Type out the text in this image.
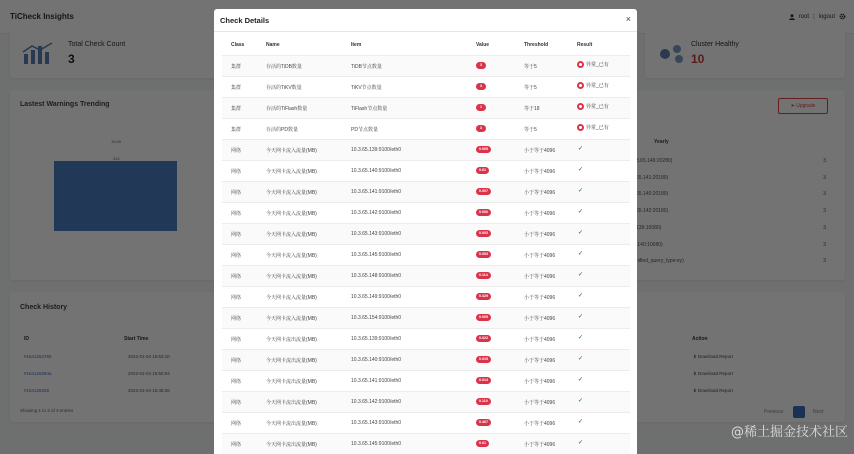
Check Details	×
Class	Name	Item	Value	Threshold	Result
集群	存活的TiDB数量	TiDB节点数量	3	等于5	异常_已有
集群	存活的TiKV数量	TiKV节点数量	3	等于5	异常_已有
集群	存活的TiFlash数量	TiFlash节点数量	1	等于18	异常_已有
集群	存活的PD数量	PD节点数量	3	等于5	异常_已有
网络	今天网卡流入流量(MB)	10.3.65.139:9100/eth0	0.005	小于等于4096	✓
网络	今天网卡流入流量(MB)	10.3.65.140:9100/eth0	0.01	小于等于4096	✓
网络	今天网卡流入流量(MB)	10.3.65.141:9100/eth0	0.007	小于等于4096	✓
网络	今天网卡流入流量(MB)	10.3.65.142:9100/eth0	0.006	小于等于4096	✓
网络	今天网卡流入流量(MB)	10.3.65.143:9100/eth0	0.003	小于等于4096	✓
网络	今天网卡流入流量(MB)	10.3.65.145:9100/eth0	0.003	小于等于4096	✓
网络	今天网卡流入流量(MB)	10.3.65.148:9100/eth0	0.114	小于等于4096	✓
网络	今天网卡流入流量(MB)	10.3.65.149:9100/eth0	0.329	小于等于4096	✓
网络	今天网卡流入流量(MB)	10.3.65.154:9100/eth0	0.005	小于等于4096	✓
网络	今天网卡流出流量(MB)	10.3.65.139:9100/eth0	0.022	小于等于4096	✓
网络	今天网卡流出流量(MB)	10.3.65.140:9100/eth0	0.015	小于等于4096	✓
网络	今天网卡流出流量(MB)	10.3.65.141:9100/eth0	0.014	小于等于4096	✓
网络	今天网卡流出流量(MB)	10.3.65.142:9100/eth0	0.110	小于等于4096	✓
网络	今天网卡流出流量(MB)	10.3.65.143:9100/eth0	0.467	小于等于4096	✓
网络	今天网卡流出流量(MB)	10.3.65.145:9100/eth0	0.01	小于等于4096	✓
@稀土掘金技术社区
